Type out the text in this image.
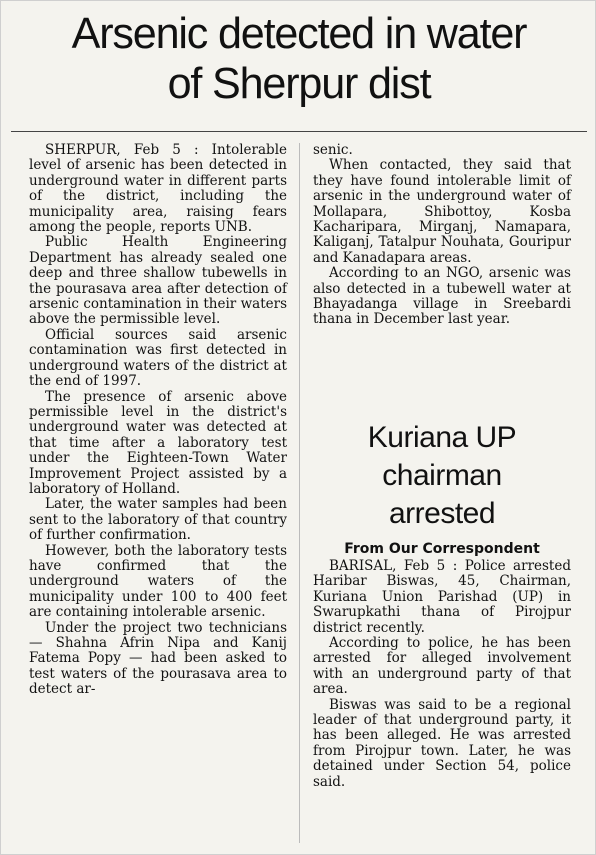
Arsenic detected in water
of Sherpur dist

SHERPUR, Feb 5 : Intolerable level of arsenic has been detected in underground water in different parts of the district, including the municipality area, raising fears among the people, reports UNB.

Public Health Engineering Department has already sealed one deep and three shallow tubewells in the pourasava area after detection of arsenic contamination in their waters above the permissible level.

Official sources said arsenic contamination was first detected in underground waters of the district at the end of 1997.

The presence of arsenic above permissible level in the district's underground water was detected at that time after a laboratory test under the Eighteen-Town Water Improvement Project assisted by a laboratory of Holland.

Later, the water samples had been sent to the laboratory of that country of further confirmation.

However, both the laboratory tests have confirmed that the underground waters of the municipality under 100 to 400 feet are containing intolerable arsenic.

Under the project two technicians — Shahna Afrin Nipa and Kanij Fatema Popy — had been asked to test waters of the pourasava area to detect ar-

senic.

When contacted, they said that they have found intolerable limit of arsenic in the underground water of Mollapara, Shibottoy, Kosba Kacharipara, Mirganj, Namapara, Kaliganj, Tatalpur Nouhata, Gouripur and Kanadapara areas.

According to an NGO, arsenic was also detected in a tubewell water at Bhayadanga village in Sreebardi thana in December last year.

Kuriana UP
chairman
arrested
From Our Correspondent

BARISAL, Feb 5 : Police arrested Haribar Biswas, 45, Chairman, Kuriana Union Parishad (UP) in Swarupkathi thana of Pirojpur district recently.

According to police, he has been arrested for alleged involvement with an underground party of that area.

Biswas was said to be a regional leader of that underground party, it has been alleged. He was arrested from Pirojpur town. Later, he was detained under Section 54, police said.
